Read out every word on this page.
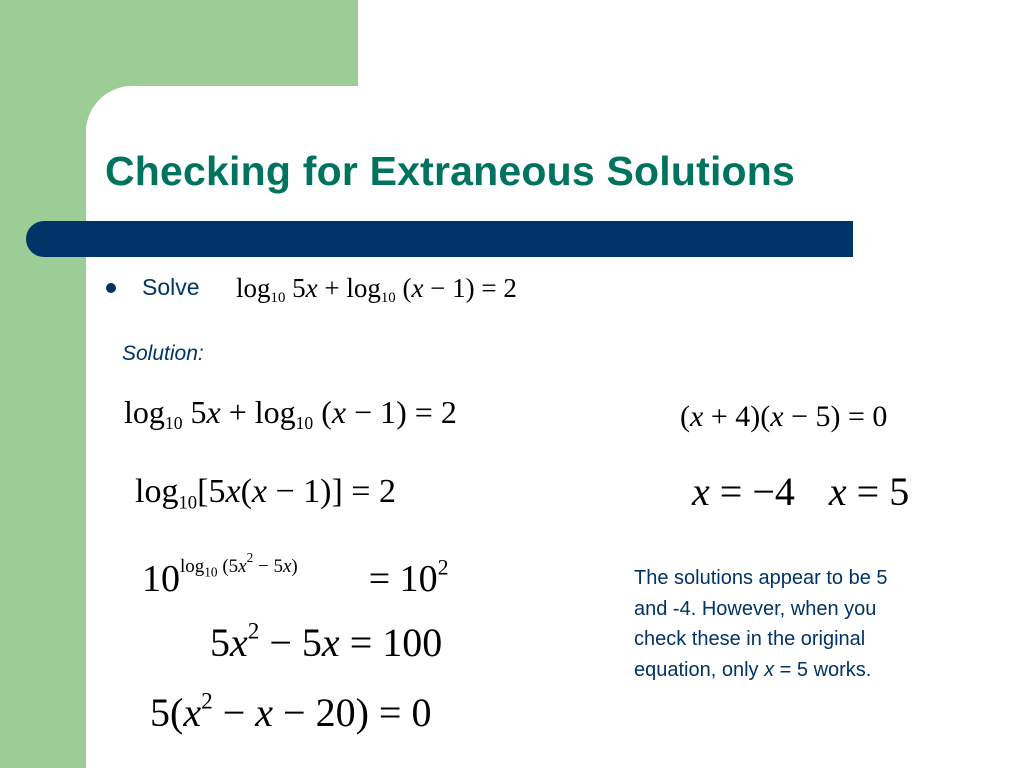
Checking for Extraneous Solutions
Solve $\log_{10} 5x + \log_{10} (x - 1) = 2$
Solution:
$\log_{10} 5x + \log_{10} (x - 1) = 2$
$\log_{10}[5x(x - 1)] = 2$
$10^{log_{10} (5x^2 - 5x)} = 10^2$
$5x^2 - 5x = 100$
$5(x^2 - x - 20) = 0$
(x + 4)(x − 5) = 0
x = −4 x = 5

The solutions appear to be 5

and -4. However, when you

check these in the original

equation, only x = 5 works.
